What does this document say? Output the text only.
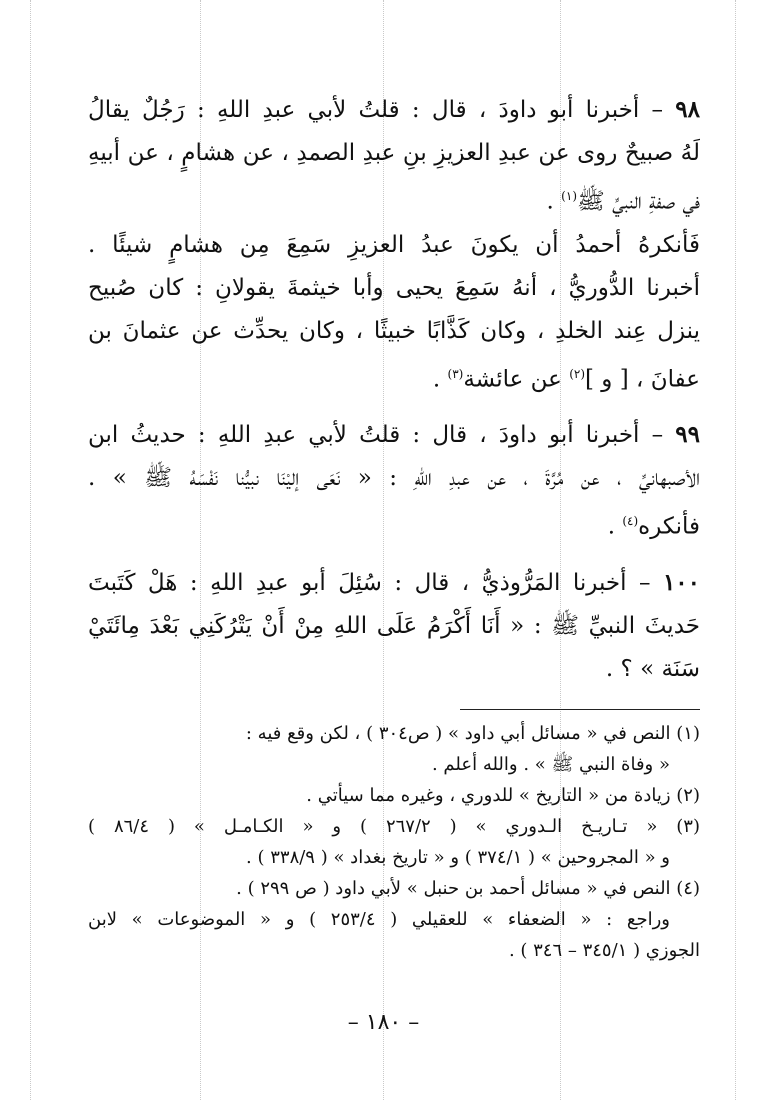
٩٨ – أخبرنا أبو داودَ ، قال : قلتُ لأبي عبدِ اللهِ : رَجُلٌ يقالُ
لَهُ صبيحٌ روى عن عبدِ العزيزِ بنِ عبدِ الصمدِ ، عن هشامٍ ، عن أبيهِ
في صفةِ النبيِّ ﷺ$^{(١)}$ .
فَأنكرهُ أحمدُ أن يكونَ عبدُ العزيزِ سَمِعَ مِن هشامٍ شيئًا .
أخبرنا الدُّوريُّ ، أنهُ سَمِعَ يحيى وأبا خيثمةَ يقولانِ : كان صُبيح
ينزل عِند الخلدِ ، وكان كَذَّابًا خبيثًا ، وكان يحدِّث عن عثمانَ بن
عفانَ ، [ و ]$^{(٢)}$ عن عائشة$^{(٣)}$ .
٩٩ – أخبرنا أبو داودَ ، قال : قلتُ لأبي عبدِ اللهِ : حديثُ ابن
الأصبهانيِّ ، عن مُرَّةَ ، عن عبدِ اللهِ : « نَعَى إليْنَا نبيُّنا نَفْسَهُ ﷺ » .
فأنكره$^{(٤)}$ .
١٠٠ – أخبرنا المَرُّوذيُّ ، قال : سُئِلَ أبو عبدِ اللهِ : هَلْ كَتَبتَ
حَديثَ النبيِّ ﷺ : « أَنَا أَكْرَمُ عَلَى اللهِ مِنْ أَنْ يَتْرُكَنِي بَعْدَ مِائَتَيْ
سَنَة » ؟ .
(١) النص في « مسائل أبي داود » ( ص٣٠٤ ) ، لكن وقع فيه :
« وفاة النبي ﷺ » . والله أعلم .
(٢) زيادة من « التاريخ » للدوري ، وغيره مما سيأتي .
(٣) « تـاريـخ الـدوري » ( ٢٦٧/٢ ) و « الكـامـل » ( ٨٦/٤ )
و « المجروحين » ( ٣٧٤/١ ) و « تاريخ بغداد » ( ٣٣٨/٩ ) .
(٤) النص في « مسائل أحمد بن حنبل » لأبي داود ( ص ٢٩٩ ) .
وراجع : « الضعفاء » للعقيلي ( ٢٥٣/٤ ) و « الموضوعات » لابن
الجوزي ( ٣٤٥/١ – ٣٤٦ ) .
– ١٨٠ –
